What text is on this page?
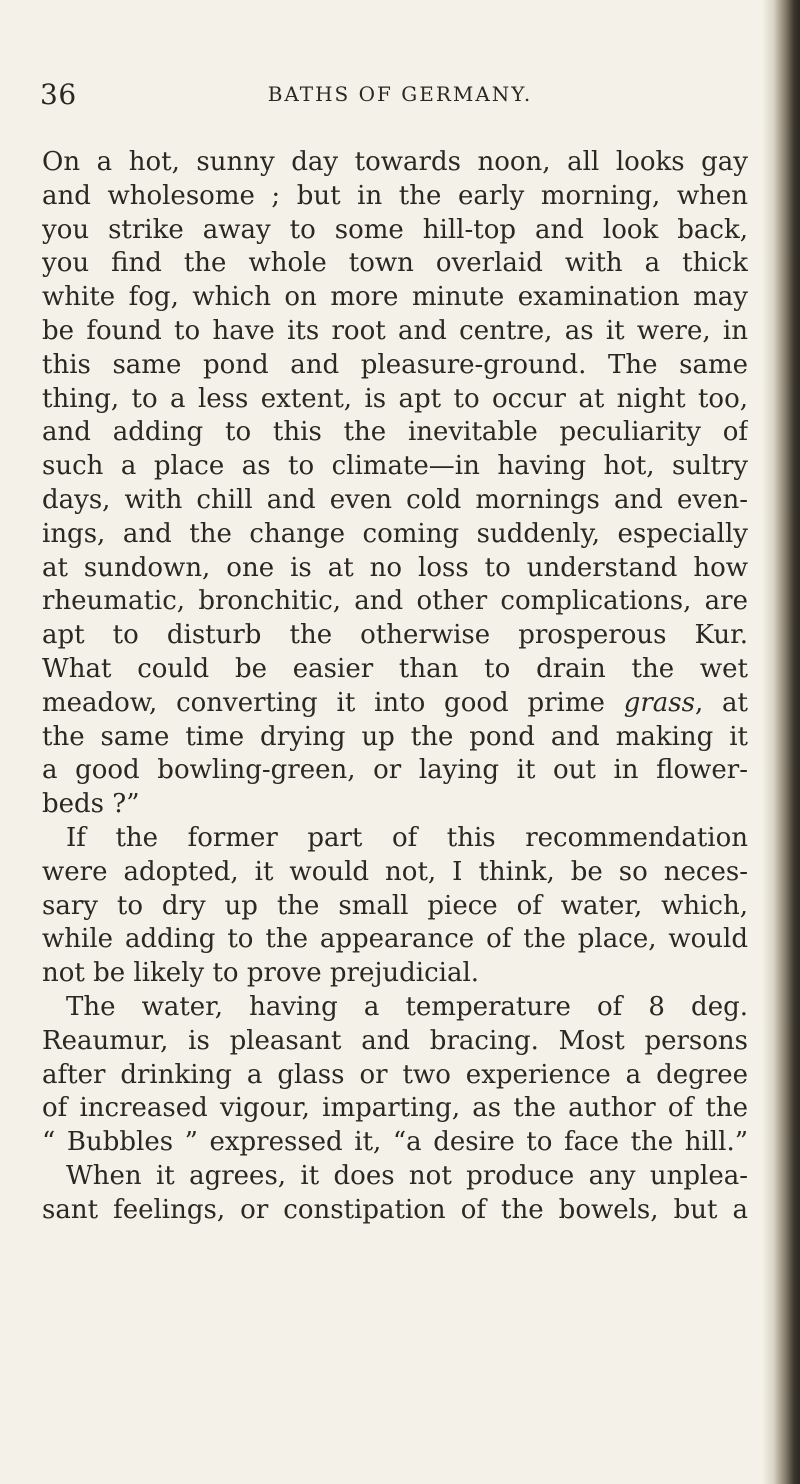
36	BATHS OF GERMANY.
On a hot, sunny day towards noon, all looks gay
and wholesome ; but in the early morning, when
you strike away to some hill-top and look back,
you find the whole town overlaid with a thick
white fog, which on more minute examination may
be found to have its root and centre, as it were, in
this same pond and pleasure-ground. The same
thing, to a less extent, is apt to occur at night too,
and adding to this the inevitable peculiarity of
such a place as to climate—in having hot, sultry
days, with chill and even cold mornings and even-
ings, and the change coming suddenly, especially
at sundown, one is at no loss to understand how
rheumatic, bronchitic, and other complications, are
apt to disturb the otherwise prosperous Kur.
What could be easier than to drain the wet
meadow, converting it into good prime grass, at
the same time drying up the pond and making it
a good bowling-green, or laying it out in flower-
beds ?”
If the former part of this recommendation
were adopted, it would not, I think, be so neces-
sary to dry up the small piece of water, which,
while adding to the appearance of the place, would
not be likely to prove prejudicial.
The water, having a temperature of 8 deg.
Reaumur, is pleasant and bracing. Most persons
after drinking a glass or two experience a degree
of increased vigour, imparting, as the author of the
“ Bubbles ” expressed it, “a desire to face the hill.”
When it agrees, it does not produce any unplea-
sant feelings, or constipation of the bowels, but a
